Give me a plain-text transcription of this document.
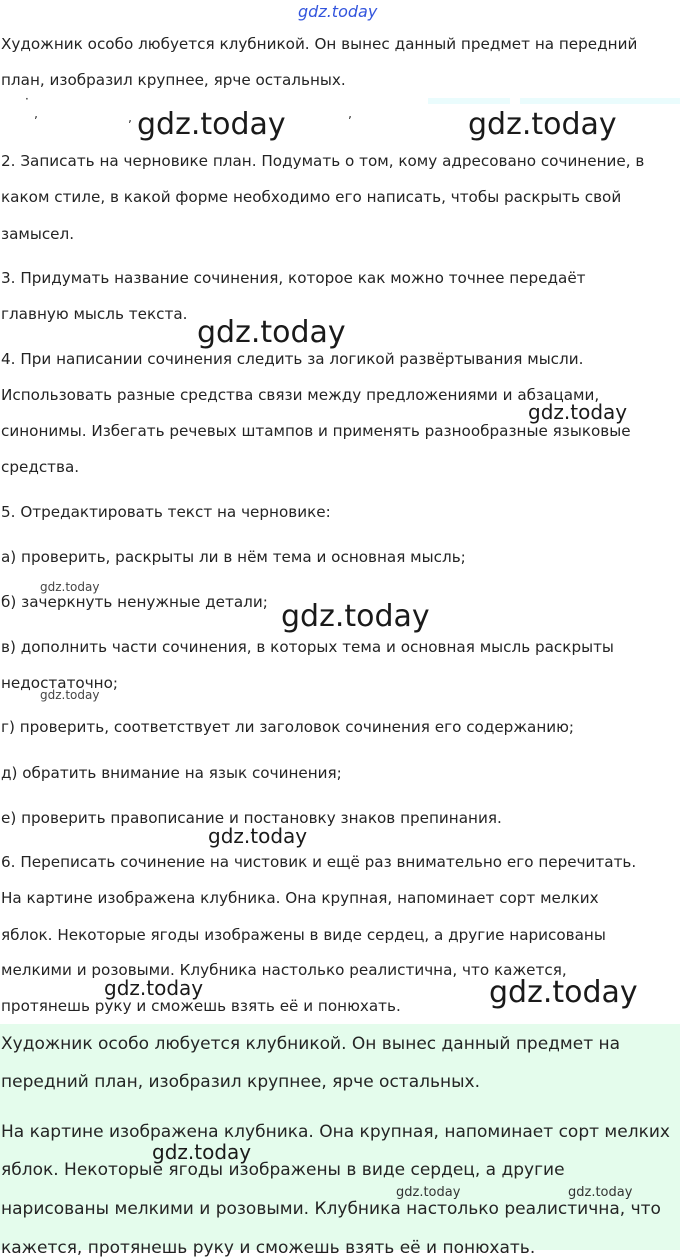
gdz.today
Художник особо любуется клубникой. Он вынес данный предмет на передний
план, изобразил крупнее, ярче остальных.
·
ʼ	ʼ	ʼ
gdz.today	gdz.today
2. Записать на черновике план. Подумать о том, кому адресовано сочинение, в
каком стиле, в какой форме необходимо его написать, чтобы раскрыть свой
замысел.
3. Придумать название сочинения, которое как можно точнее передаёт
главную мысль текста.
gdz.today
4. При написании сочинения следить за логикой развёртывания мысли.
Использовать разные средства связи между предложениями и абзацами,
gdz.today
синонимы. Избегать речевых штампов и применять разнообразные языковые
средства.
5. Отредактировать текст на черновике:
а) проверить, раскрыты ли в нём тема и основная мысль;
gdz.today
б) зачеркнуть ненужные детали; gdz.today
в) дополнить части сочинения, в которых тема и основная мысль раскрыты
недостаточно;
gdz.today
г) проверить, соответствует ли заголовок сочинения его содержанию;
д) обратить внимание на язык сочинения;
е) проверить правописание и постановку знаков препинания.
gdz.today
6. Переписать сочинение на чистовик и ещё раз внимательно его перечитать.
На картине изображена клубника. Она крупная, напоминает сорт мелких
яблок. Некоторые ягоды изображены в виде сердец, а другие нарисованы
мелкими и розовыми. Клубника настолько реалистична, что кажется,
gdz.today	gdz.today
протянешь руку и сможешь взять её и понюхать.
Художник особо любуется клубникой. Он вынес данный предмет на
передний план, изобразил крупнее, ярче остальных.
На картине изображена клубника. Она крупная, напоминает сорт мелких
gdz.today
яблок. Некоторые ягоды изображены в виде сердец, а другие
gdz.today	gdz.today
нарисованы мелкими и розовыми. Клубника настолько реалистична, что
кажется, протянешь руку и сможешь взять её и понюхать.
